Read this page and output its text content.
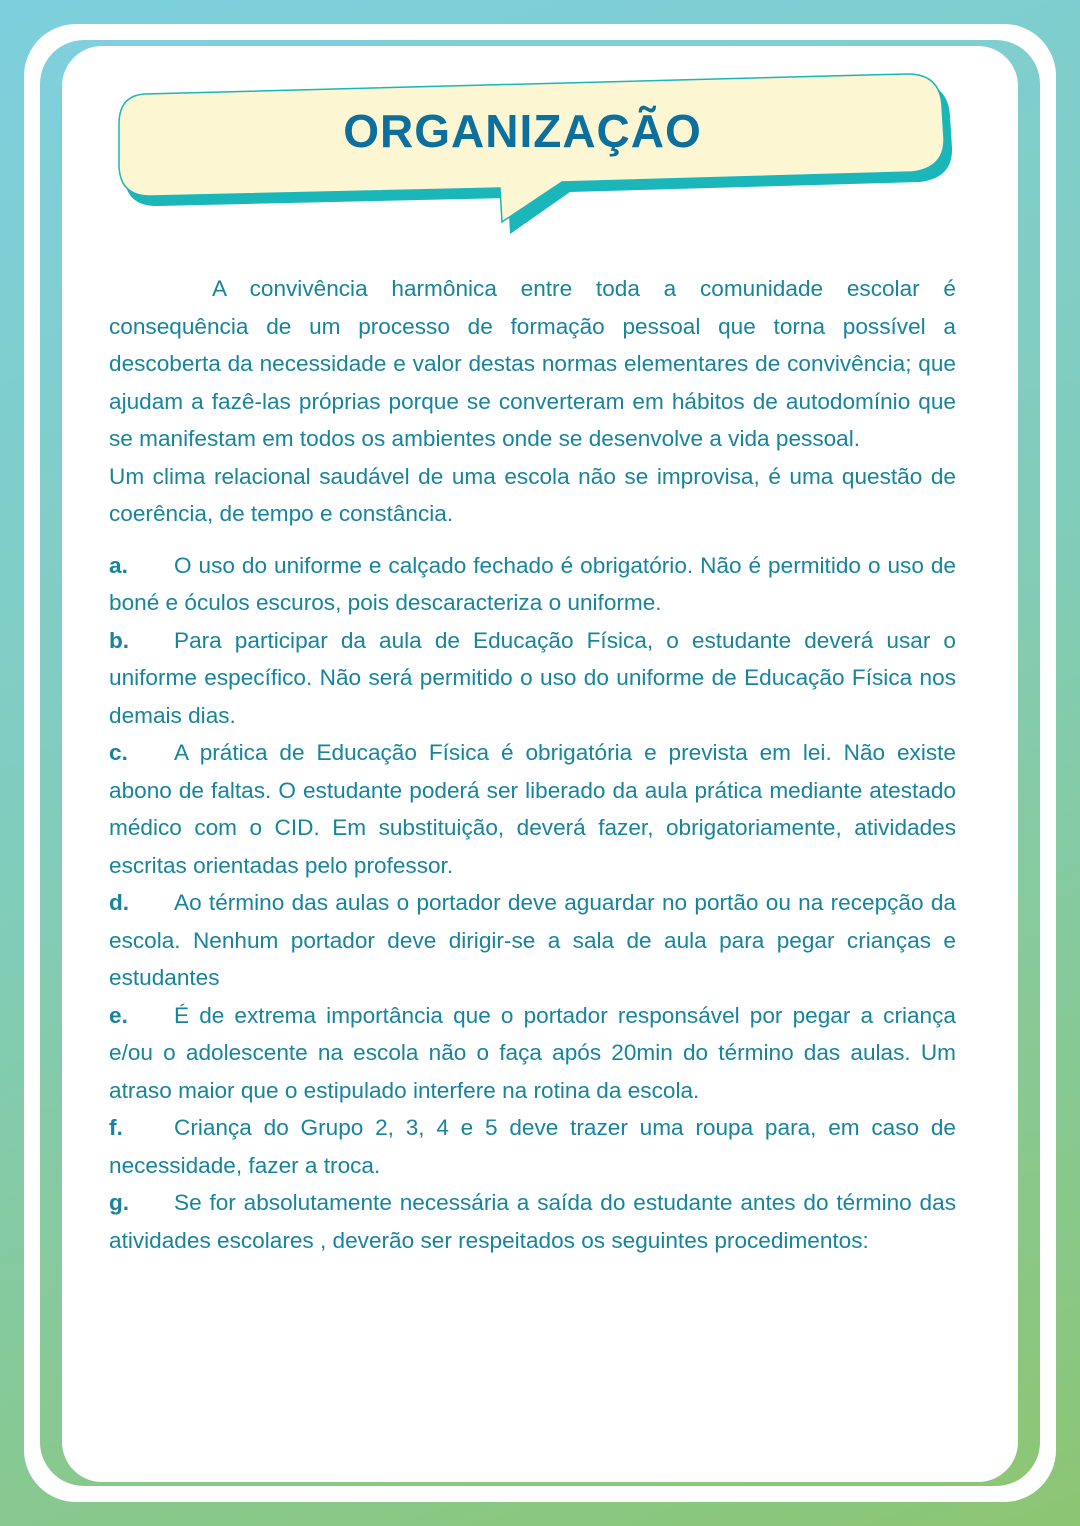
ORGANIZAÇÃO

A convivência harmônica entre toda a comunidade escolar é consequência de um processo de formação pessoal que torna possível a descoberta da necessidade e valor destas normas elementares de convivência; que ajudam a fazê-las próprias porque se converteram em hábitos de autodomínio que se manifestam em todos os ambientes onde se desenvolve a vida pessoal.

Um clima relacional saudável de uma escola não se improvisa, é uma questão de coerência, de tempo e constância.

a. O uso do uniforme e calçado fechado é obrigatório. Não é permitido o uso de boné e óculos escuros, pois descaracteriza o uniforme.

b. Para participar da aula de Educação Física, o estudante deverá usar o uniforme específico. Não será permitido o uso do uniforme de Educação Física nos demais dias.

c. A prática de Educação Física é obrigatória e prevista em lei. Não existe abono de faltas. O estudante poderá ser liberado da aula prática mediante atestado médico com o CID. Em substituição, deverá fazer, obrigatoriamente, atividades escritas orientadas pelo professor.

d. Ao término das aulas o portador deve aguardar no portão ou na recepção da escola. Nenhum portador deve dirigir-se a sala de aula para pegar crianças e estudantes

e. É de extrema importância que o portador responsável por pegar a criança e/ou o adolescente na escola não o faça após 20min do término das aulas. Um atraso maior que o estipulado interfere na rotina da escola.

f. Criança do Grupo 2, 3, 4 e 5 deve trazer uma roupa para, em caso de necessidade, fazer a troca.

g. Se for absolutamente necessária a saída do estudante antes do término das atividades escolares , deverão ser respeitados os seguintes procedimentos:
